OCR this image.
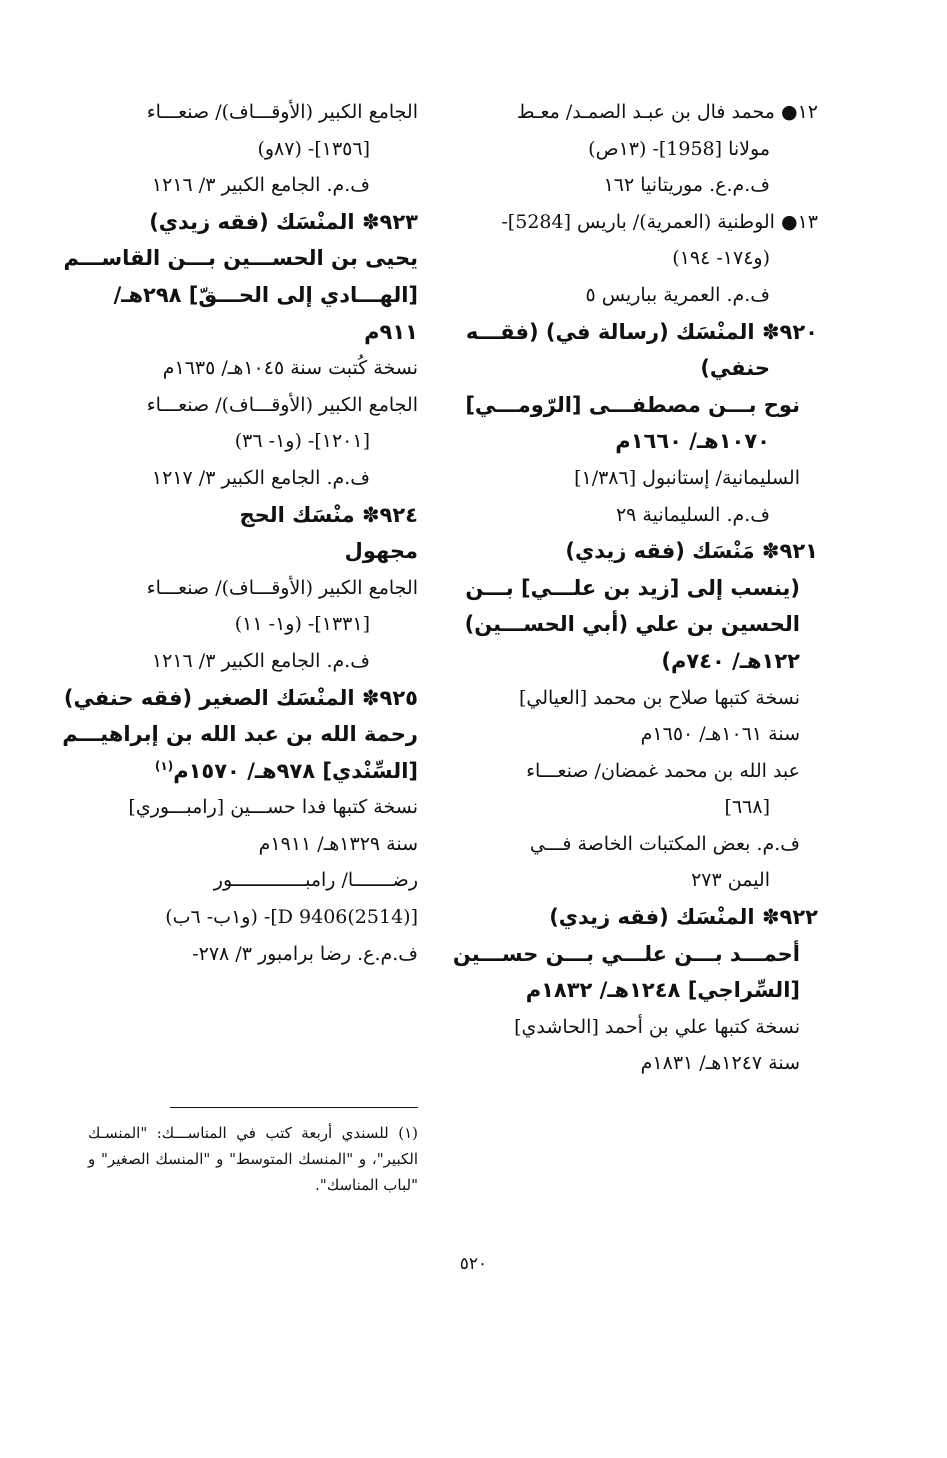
١٢● محمد فال بن عبـد الصمـد/ معـط
مولانا [1958]- (١٣ص)
ف.م.ع. موريتانيا ١٦٢
١٣● الوطنية (العمرية)/ باريس [5284]-
(و١٧٤- ١٩٤)
ف.م. العمرية بباريس ٥
٩٢٠✽ المنْسَك (رسالة في) (فقـــه
حنفي)
نوح بـــن مصطفـــى [الرّومـــي]
١٠٧٠هـ/ ١٦٦٠م
السليمانية/ إستانبول [١/٣٨٦]
ف.م. السليمانية ٢٩
٩٢١✽ مَنْسَك (فقه زيدي)
(ينسب إلى [زيد بن علـــي] بـــن
الحسين بن علي (أبي الحســـين)
١٢٢هـ/ ٧٤٠م)
نسخة كتبها صلاح بن محمد [العيالي]
سنة ١٠٦١هـ/ ١٦٥٠م
عبد الله بن محمد غمضان/ صنعـــاء
[٦٦٨]
ف.م. بعض المكتبات الخاصة فـــي
اليمن ٢٧٣
٩٢٢✽ المنْسَك (فقه زيدي)
أحمـــد بـــن علـــي بـــن حســـين
[السِّراجي] ١٢٤٨هـ/ ١٨٣٢م
نسخة كتبها علي بن أحمد [الحاشدي]
سنة ١٢٤٧هـ/ ١٨٣١م
الجامع الكبير (الأوقـــاف)/ صنعـــاء
[١٣٥٦]- (٨٧و)
ف.م. الجامع الكبير ٣/ ١٢١٦
٩٢٣✽ المنْسَك (فقه زيدي)
يحيى بن الحســـين بـــن القاســـم
[الهـــادي إلى الحـــقّ] ٢٩٨هـ/
٩١١م
نسخة كُتبت سنة ١٠٤٥هـ/ ١٦٣٥م
الجامع الكبير (الأوقـــاف)/ صنعـــاء
[١٢٠١]- (و١- ٣٦)
ف.م. الجامع الكبير ٣/ ١٢١٧
٩٢٤✽ منْسَك الحج
مجهول
الجامع الكبير (الأوقـــاف)/ صنعـــاء
[١٣٣١]- (و١- ١١)
ف.م. الجامع الكبير ٣/ ١٢١٦
٩٢٥✽ المنْسَك الصغير (فقه حنفي)
رحمة الله بن عبد الله بن إبراهيـــم
[السِّنْدي] ٩٧٨هـ/ ١٥٧٠م$^{(١)}$
نسخة كتبها فدا حســـين [رامبـــوري]
سنة ١٣٢٩هـ/ ١٩١١م
رضـــــــا/ رامبـــــــــــــور
[D 9406(2514)]- (و١ب- ٦ب)
ف.م.ع. رضا برامبور ٣/ ٢٧٨-
(١) للسندي أربعة كتب في المناســـك: "المنسـك الكبير"، و "المنسك المتوسط" و "المنسك الصغير" و "لباب المناسك".
٥٢٠
